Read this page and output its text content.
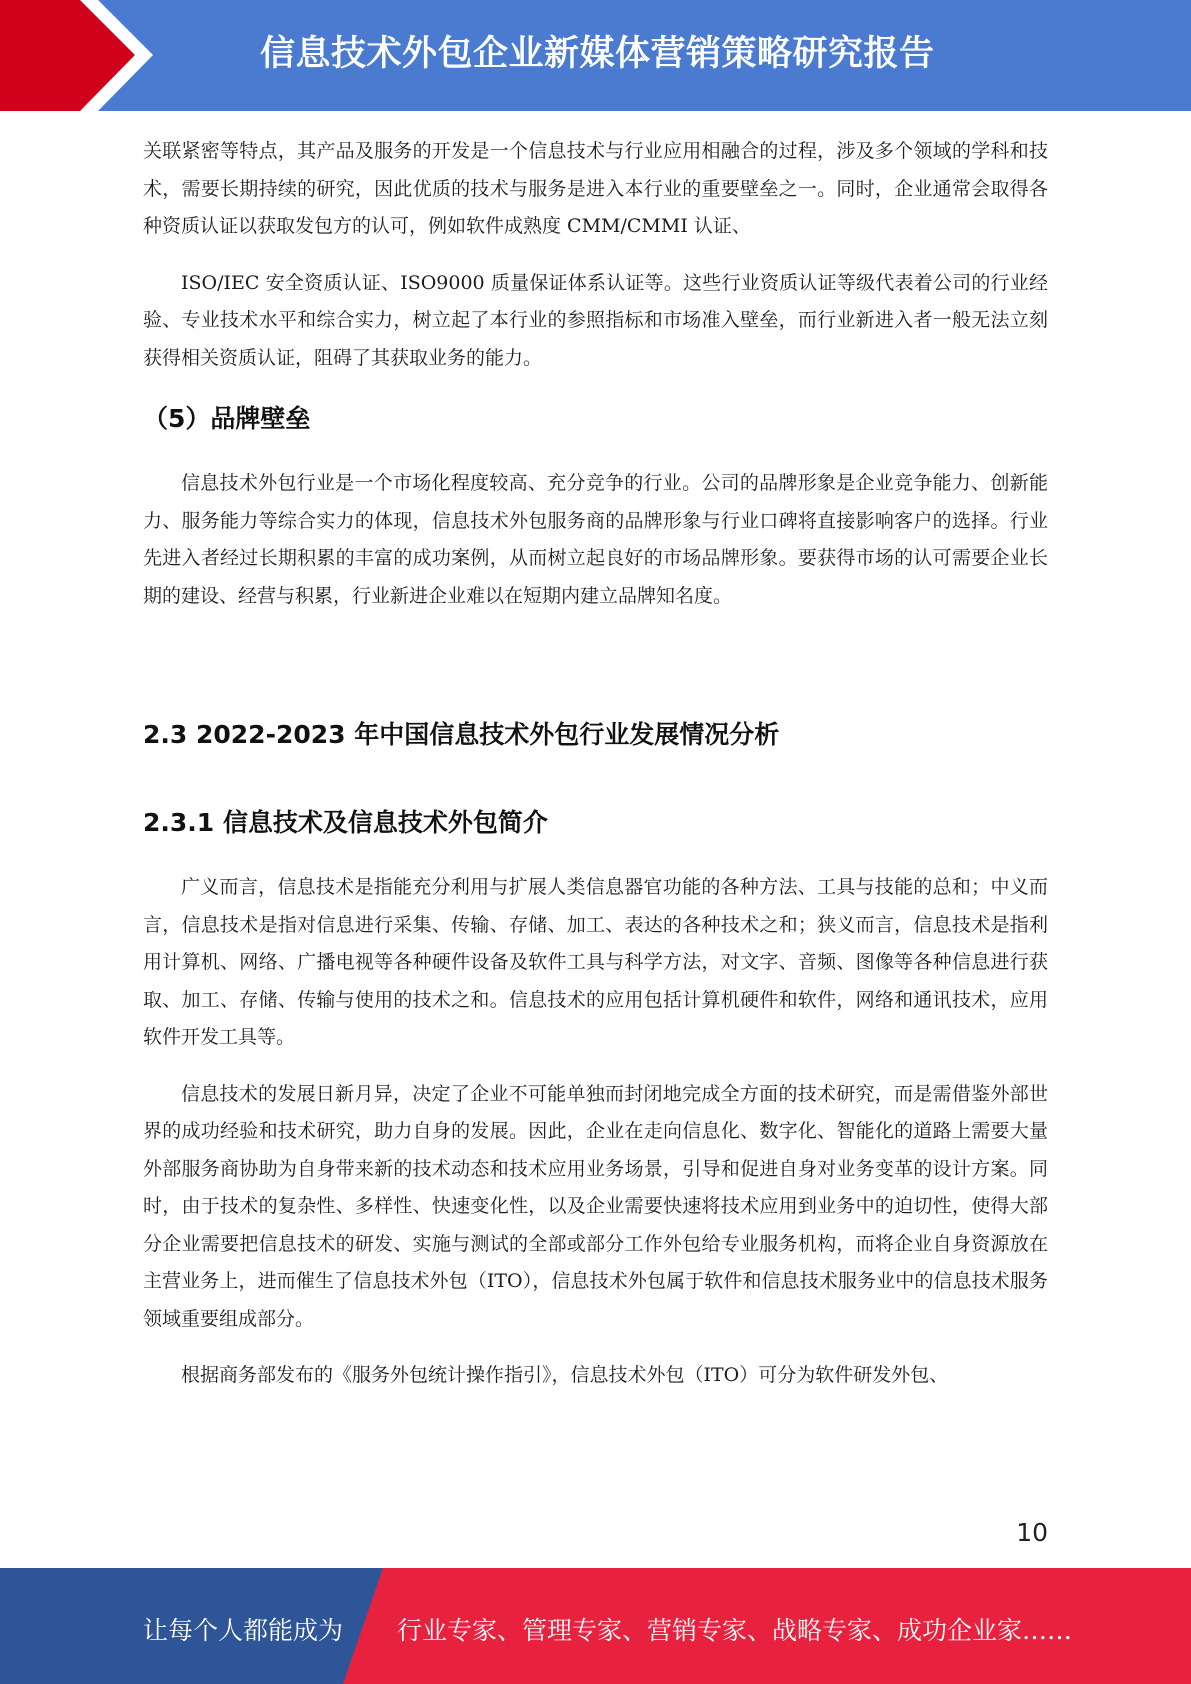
信息技术外包企业新媒体营销策略研究报告

关联紧密等特点，其产品及服务的开发是一个信息技术与行业应用相融合的过程，涉及多个领域的学科和技术，需要长期持续的研究，因此优质的技术与服务是进入本行业的重要壁垒之一。同时，企业通常会取得各种资质认证以获取发包方的认可，例如软件成熟度 CMM/CMMI 认证、

ISO/IEC 安全资质认证、ISO9000 质量保证体系认证等。这些行业资质认证等级代表着公司的行业经验、专业技术水平和综合实力，树立起了本行业的参照指标和市场准入壁垒，而行业新进入者一般无法立刻获得相关资质认证，阻碍了其获取业务的能力。

（5）品牌壁垒

信息技术外包行业是一个市场化程度较高、充分竞争的行业。公司的品牌形象是企业竞争能力、创新能力、服务能力等综合实力的体现，信息技术外包服务商的品牌形象与行业口碑将直接影响客户的选择。行业先进入者经过长期积累的丰富的成功案例，从而树立起良好的市场品牌形象。要获得市场的认可需要企业长期的建设、经营与积累，行业新进企业难以在短期内建立品牌知名度。

2.3 2022-2023 年中国信息技术外包行业发展情况分析
2.3.1 信息技术及信息技术外包简介

广义而言，信息技术是指能充分利用与扩展人类信息器官功能的各种方法、工具与技能的总和；中义而言，信息技术是指对信息进行采集、传输、存储、加工、表达的各种技术之和；狭义而言，信息技术是指利用计算机、网络、广播电视等各种硬件设备及软件工具与科学方法，对文字、音频、图像等各种信息进行获取、加工、存储、传输与使用的技术之和。信息技术的应用包括计算机硬件和软件，网络和通讯技术，应用软件开发工具等。

信息技术的发展日新月异，决定了企业不可能单独而封闭地完成全方面的技术研究，而是需借鉴外部世界的成功经验和技术研究，助力自身的发展。因此，企业在走向信息化、数字化、智能化的道路上需要大量外部服务商协助为自身带来新的技术动态和技术应用业务场景，引导和促进自身对业务变革的设计方案。同时，由于技术的复杂性、多样性、快速变化性，以及企业需要快速将技术应用到业务中的迫切性，使得大部分企业需要把信息技术的研发、实施与测试的全部或部分工作外包给专业服务机构，而将企业自身资源放在主营业务上，进而催生了信息技术外包（ITO），信息技术外包属于软件和信息技术服务业中的信息技术服务领域重要组成部分。

根据商务部发布的《服务外包统计操作指引》，信息技术外包（ITO）可分为软件研发外包、

10
让每个人都能成为 行业专家、管理专家、营销专家、战略专家、成功企业家……
